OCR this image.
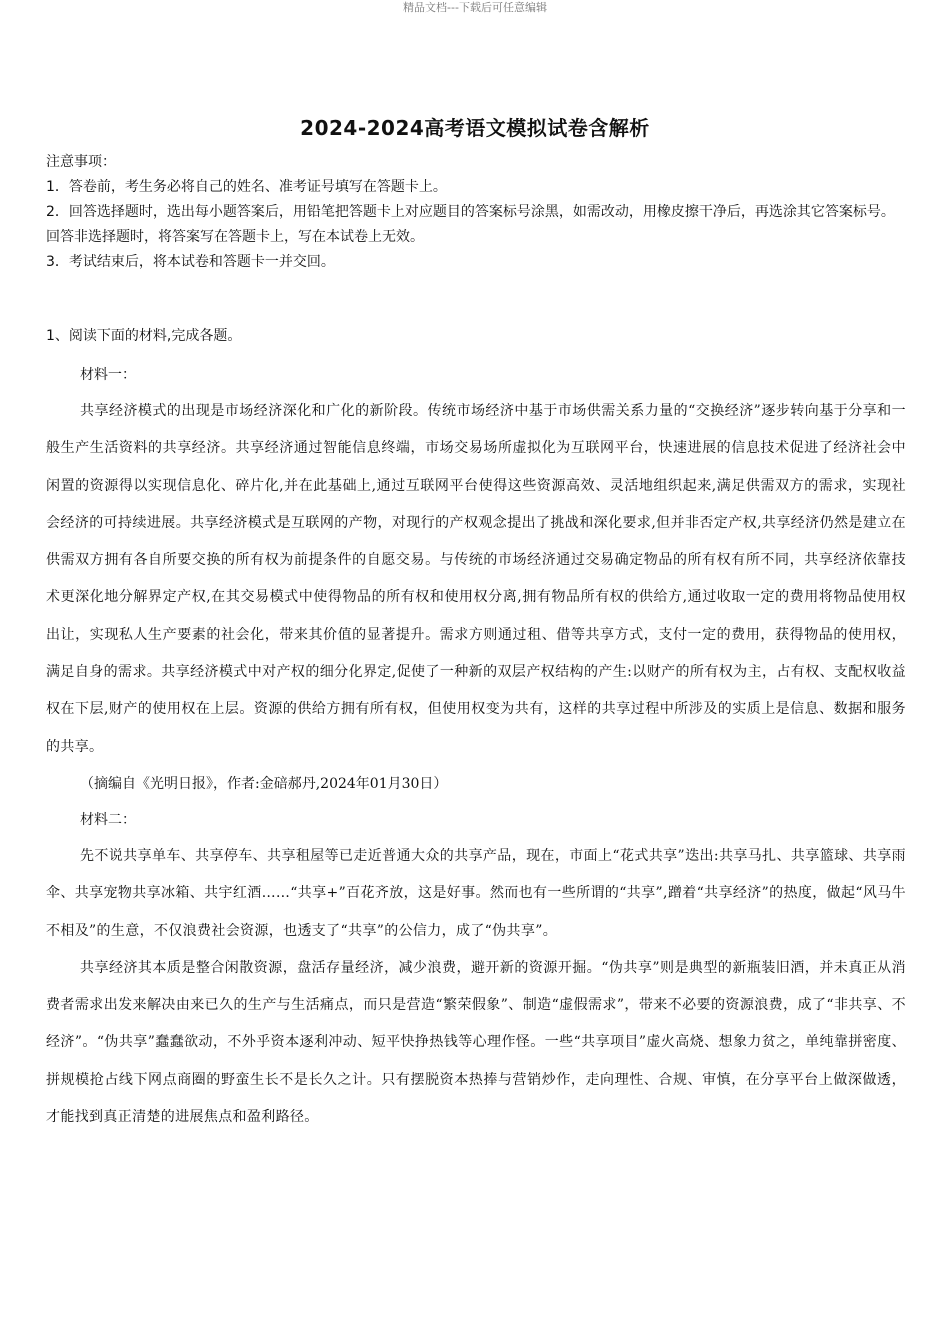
精品文档---下载后可任意编辑
2024-2024高考语文模拟试卷含解析

注意事项：

1．答卷前，考生务必将自己的姓名、准考证号填写在答题卡上。

2．回答选择题时，选出每小题答案后，用铅笔把答题卡上对应题目的答案标号涂黑，如需改动，用橡皮擦干净后，再选涂其它答案标号。回答非选择题时，将答案写在答题卡上，写在本试卷上无效。

3．考试结束后，将本试卷和答题卡一并交回。

1、阅读下面的材料,完成各题。

材料一：

共享经济模式的出现是市场经济深化和广化的新阶段。传统市场经济中基于市场供需关系力量的“交换经济”逐步转向基于分享和一般生产生活资料的共享经济。共享经济通过智能信息终端，市场交易场所虚拟化为互联网平台，快速进展的信息技术促进了经济社会中闲置的资源得以实现信息化、碎片化,并在此基础上,通过互联网平台使得这些资源高效、灵活地组织起来,满足供需双方的需求，实现社会经济的可持续进展。共享经济模式是互联网的产物，对现行的产权观念提出了挑战和深化要求,但并非否定产权,共享经济仍然是建立在供需双方拥有各自所要交换的所有权为前提条件的自愿交易。与传统的市场经济通过交易确定物品的所有权有所不同，共享经济依靠技术更深化地分解界定产权,在其交易模式中使得物品的所有权和使用权分离,拥有物品所有权的供给方,通过收取一定的费用将物品使用权出让，实现私人生产要素的社会化，带来其价值的显著提升。需求方则通过租、借等共享方式，支付一定的费用，获得物品的使用权，满足自身的需求。共享经济模式中对产权的细分化界定,促使了一种新的双层产权结构的产生:以财产的所有权为主，占有权、支配权收益权在下层,财产的使用权在上层。资源的供给方拥有所有权，但使用权变为共有，这样的共享过程中所涉及的实质上是信息、数据和服务的共享。

（摘编自《光明日报》，作者:金碚郝丹,2024年01月30日）

材料二：

先不说共享单车、共享停车、共享租屋等已走近普通大众的共享产品，现在，市面上“花式共享”迭出:共享马扎、共享篮球、共享雨伞、共享宠物共享冰箱、共宇红酒……“共享+”百花齐放，这是好事。然而也有一些所谓的“共享”,蹭着“共享经济”的热度，做起“风马牛不相及”的生意，不仅浪费社会资源，也透支了“共享”的公信力，成了“伪共享”。

共享经济其本质是整合闲散资源，盘活存量经济，减少浪费，避开新的资源开掘。“伪共享”则是典型的新瓶装旧酒，并未真正从消费者需求出发来解决由来已久的生产与生活痛点，而只是营造“繁荣假象”、制造“虚假需求”，带来不必要的资源浪费，成了“非共享、不经济”。“伪共享”蠢蠢欲动，不外乎资本逐利冲动、短平快挣热钱等心理作怪。一些“共享项目”虚火高烧、想象力贫之，单纯靠拼密度、拼规模抢占线下网点商圈的野蛮生长不是长久之计。只有摆脱资本热捧与营销炒作，走向理性、合规、审慎，在分享平台上做深做透，才能找到真正清楚的进展焦点和盈利路径。
